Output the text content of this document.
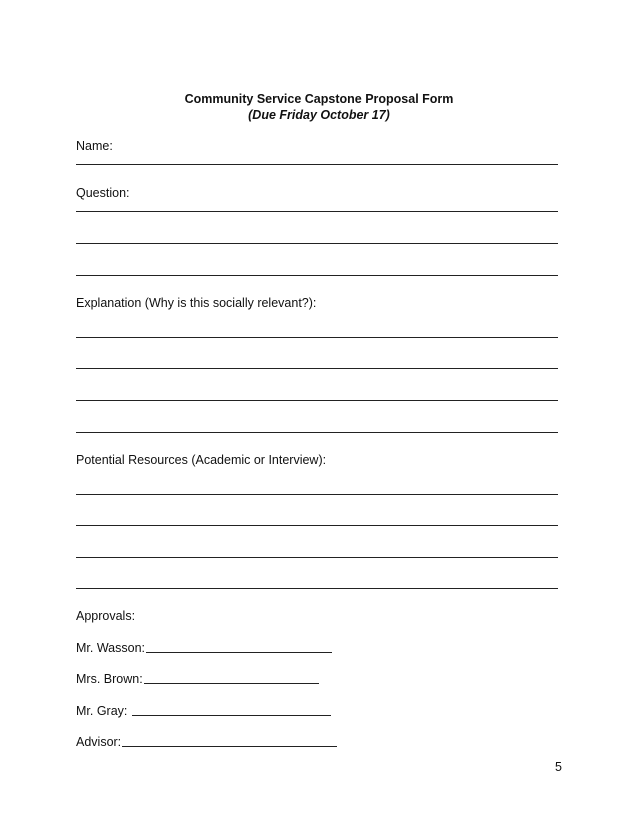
Community Service Capstone Proposal Form
(Due Friday October 17)
Name:
Question:
Explanation (Why is this socially relevant?):
Potential Resources (Academic or Interview):
Approvals:
Mr. Wasson:
Mrs. Brown:
Mr. Gray:
Advisor:
5
